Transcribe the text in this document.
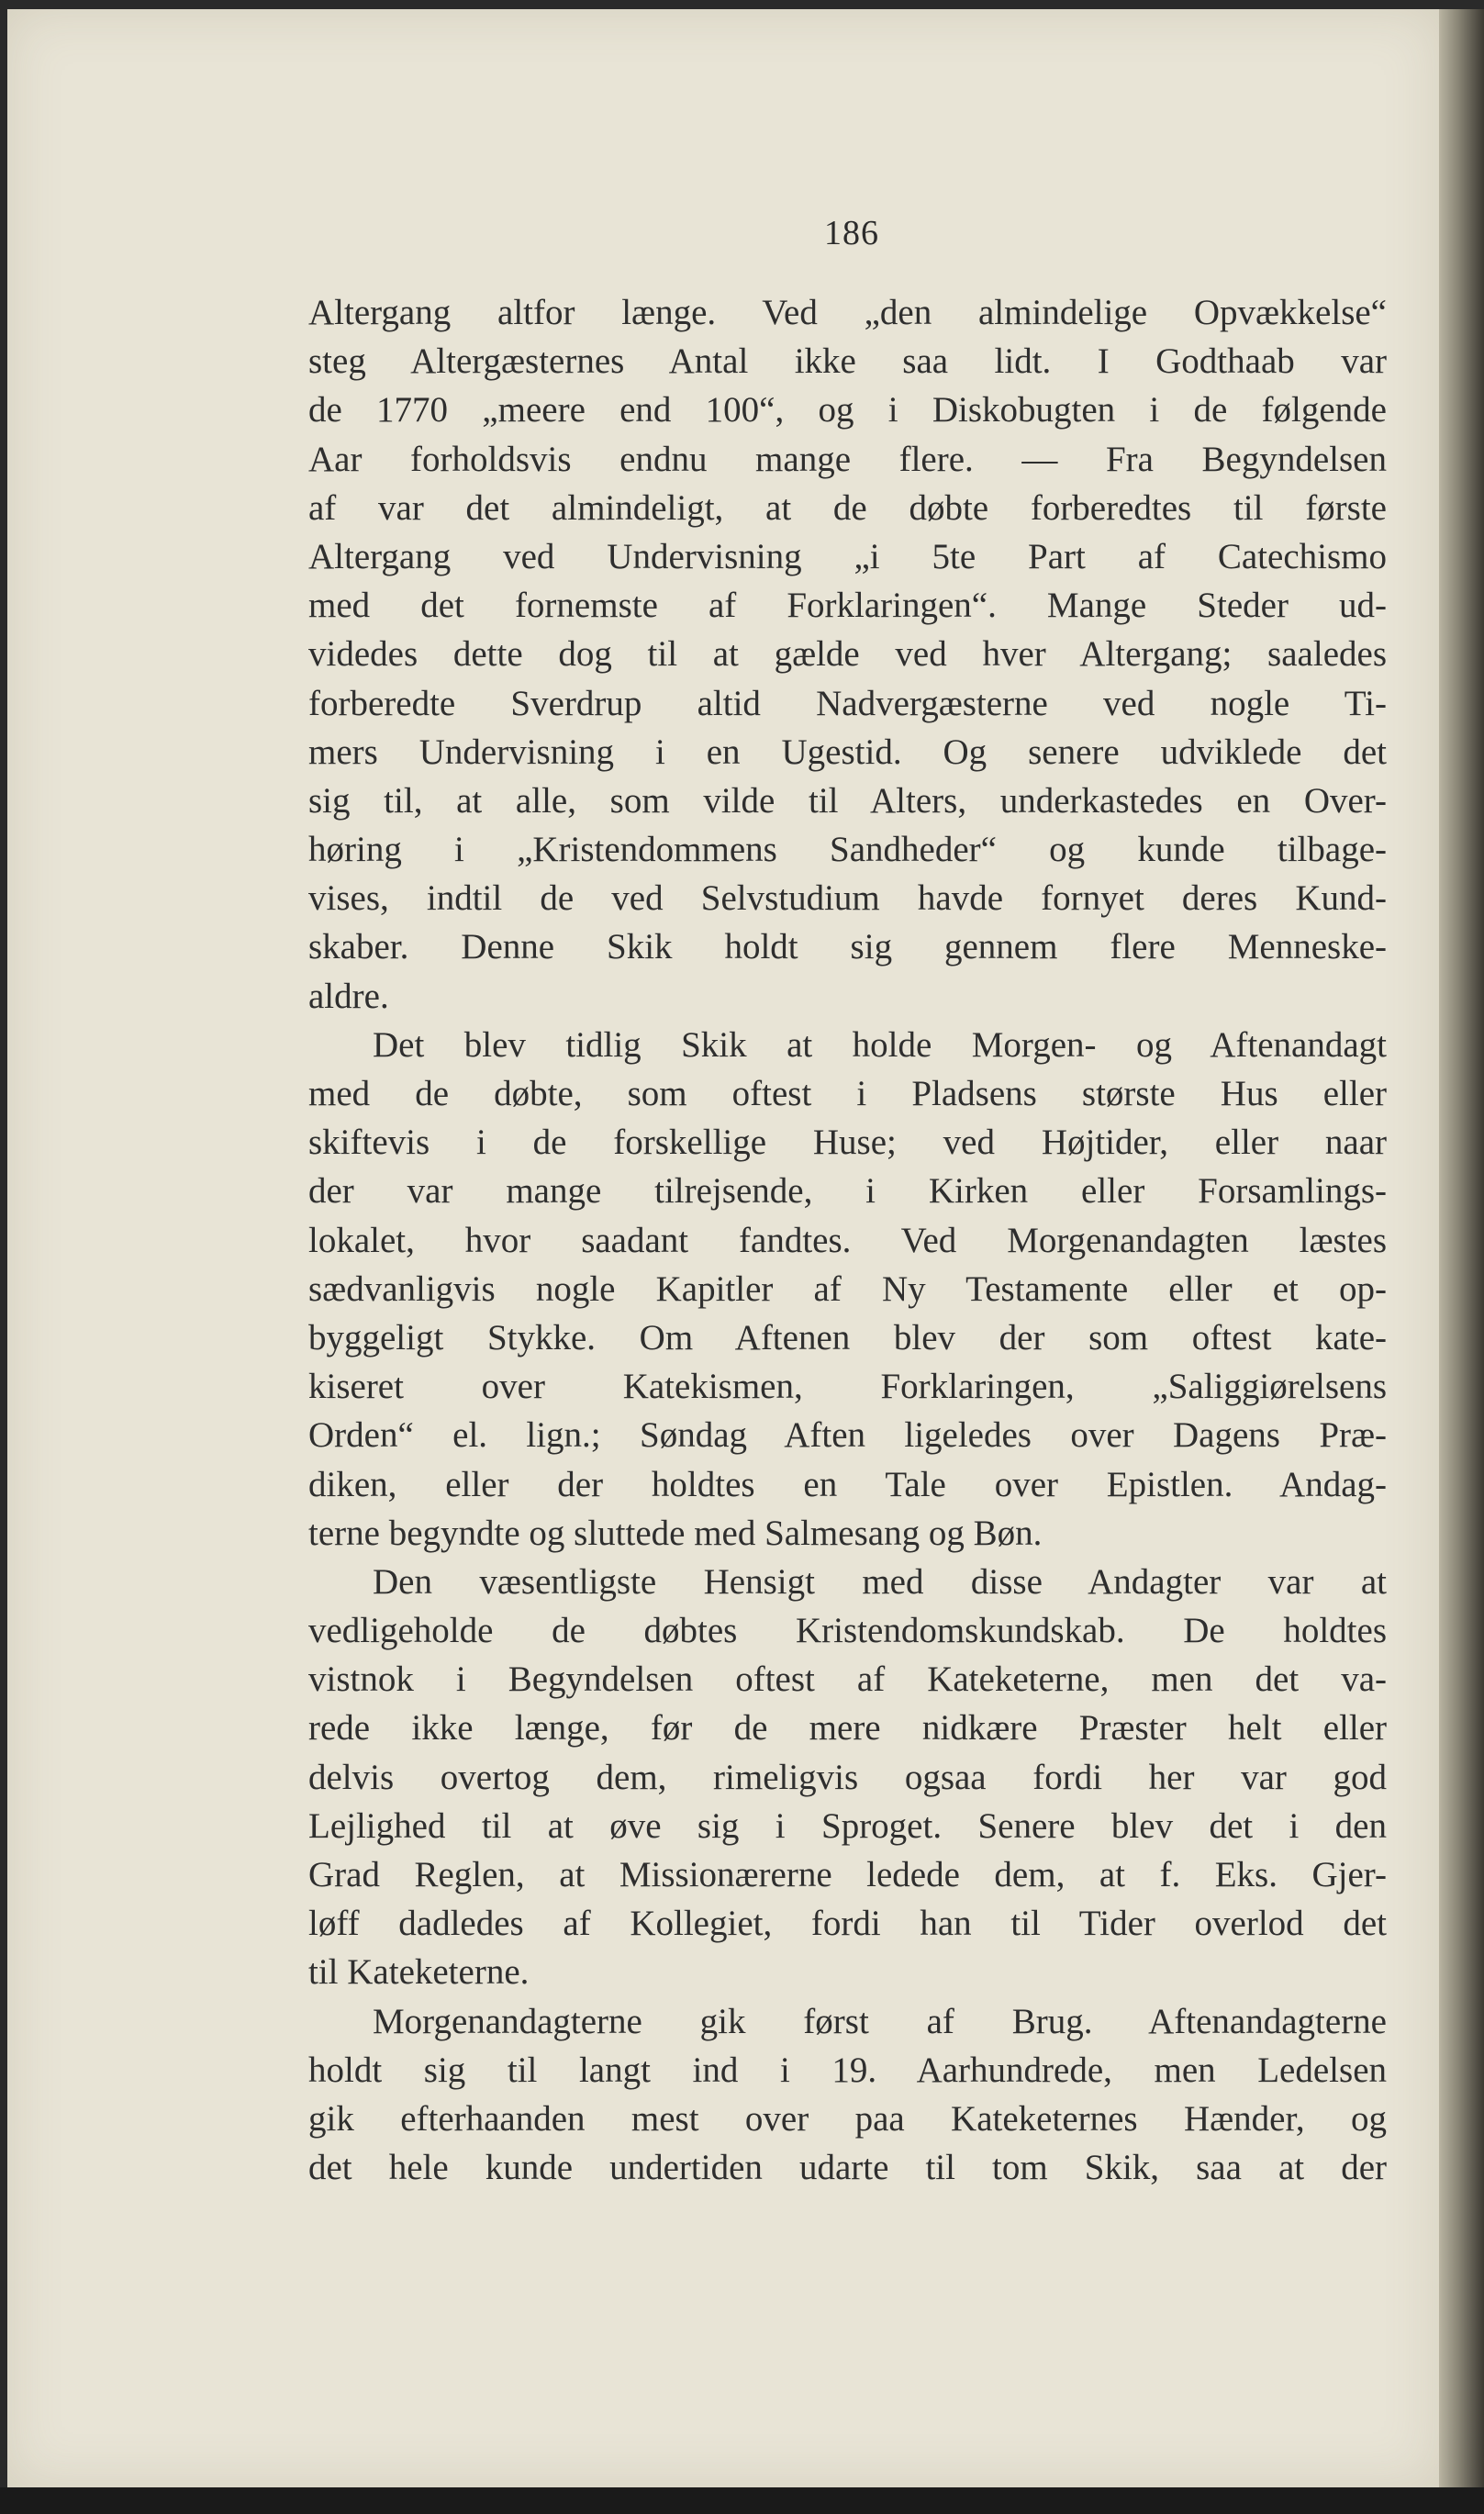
186
Altergang altfor længe. Ved „den almindelige Opvækkelse“
steg Altergæsternes Antal ikke saa lidt. I Godthaab var
de 1770 „meere end 100“, og i Diskobugten i de følgende
Aar forholdsvis endnu mange flere. — Fra Begyndelsen
af var det almindeligt, at de døbte forberedtes til første
Altergang ved Undervisning „i 5te Part af Catechismo
med det fornemste af Forklaringen“. Mange Steder ud-
videdes dette dog til at gælde ved hver Altergang; saaledes
forberedte Sverdrup altid Nadvergæsterne ved nogle Ti-
mers Undervisning i en Ugestid. Og senere udviklede det
sig til, at alle, som vilde til Alters, underkastedes en Over-
høring i „Kristendommens Sandheder“ og kunde tilbage-
vises, indtil de ved Selvstudium havde fornyet deres Kund-
skaber. Denne Skik holdt sig gennem flere Menneske-
aldre.
Det blev tidlig Skik at holde Morgen- og Aftenandagt
med de døbte, som oftest i Pladsens største Hus eller
skiftevis i de forskellige Huse; ved Højtider, eller naar
der var mange tilrejsende, i Kirken eller Forsamlings-
lokalet, hvor saadant fandtes. Ved Morgenandagten læstes
sædvanligvis nogle Kapitler af Ny Testamente eller et op-
byggeligt Stykke. Om Aftenen blev der som oftest kate-
kiseret over Katekismen, Forklaringen, „Saliggiørelsens
Orden“ el. lign.; Søndag Aften ligeledes over Dagens Præ-
diken, eller der holdtes en Tale over Epistlen. Andag-
terne begyndte og sluttede med Salmesang og Bøn.
Den væsentligste Hensigt med disse Andagter var at
vedligeholde de døbtes Kristendomskundskab. De holdtes
vistnok i Begyndelsen oftest af Kateketerne, men det va-
rede ikke længe, før de mere nidkære Præster helt eller
delvis overtog dem, rimeligvis ogsaa fordi her var god
Lejlighed til at øve sig i Sproget. Senere blev det i den
Grad Reglen, at Missionærerne ledede dem, at f. Eks. Gjer-
løff dadledes af Kollegiet, fordi han til Tider overlod det
til Kateketerne.
Morgenandagterne gik først af Brug. Aftenandagterne
holdt sig til langt ind i 19. Aarhundrede, men Ledelsen
gik efterhaanden mest over paa Kateketernes Hænder, og
det hele kunde undertiden udarte til tom Skik, saa at der
